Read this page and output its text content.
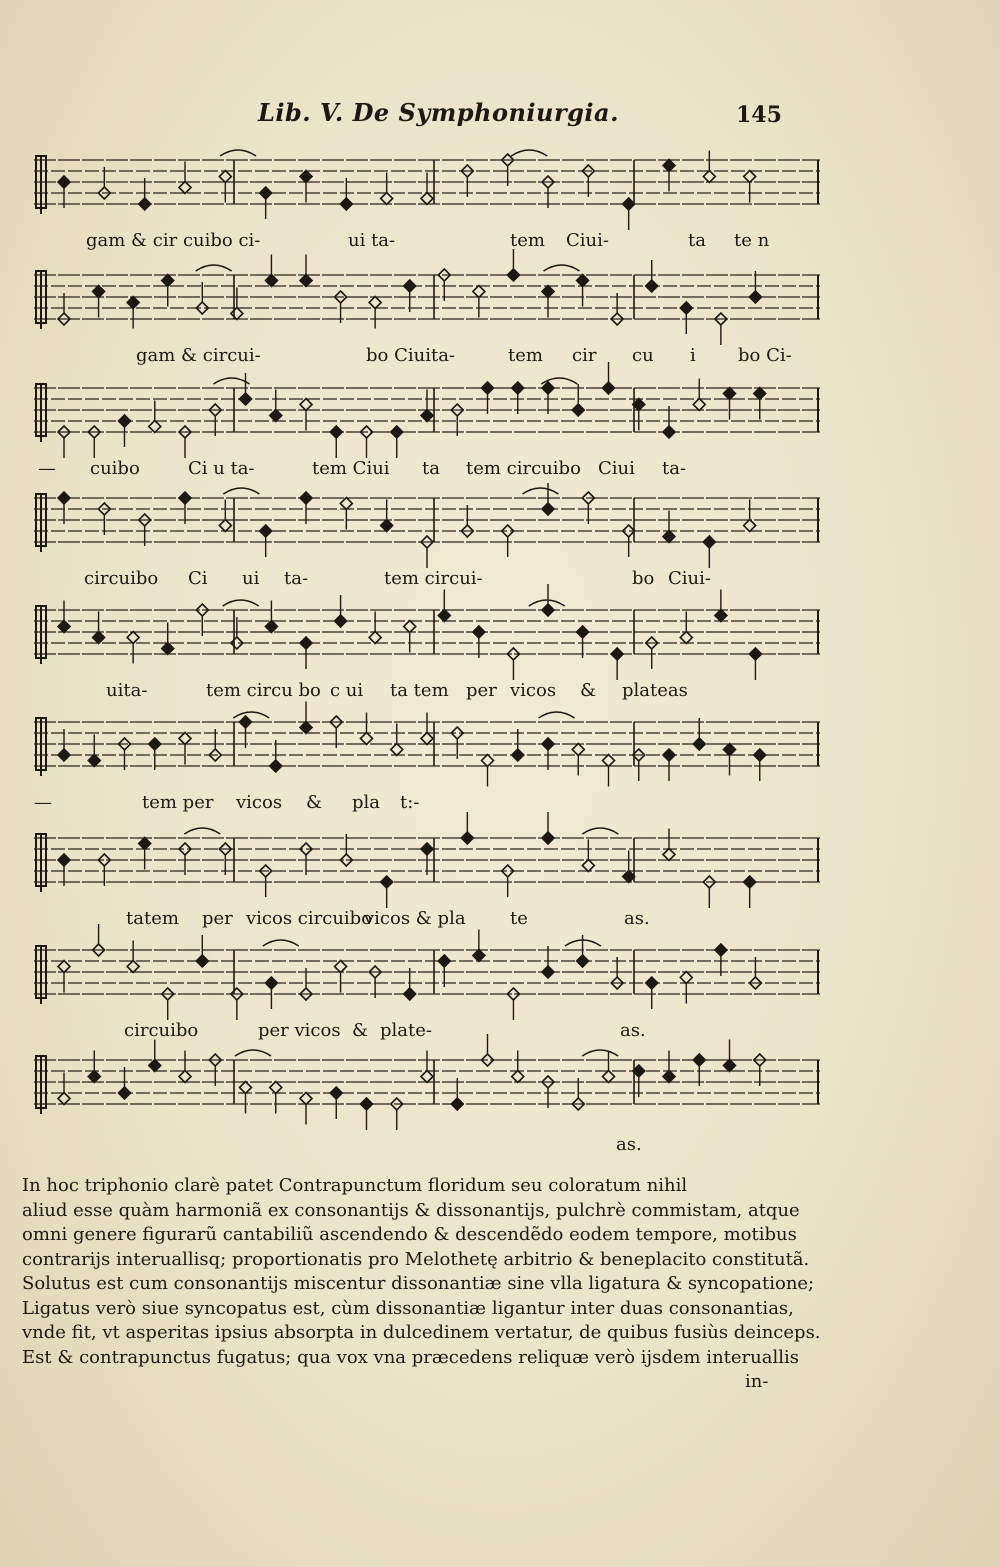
Lib. V. De Symphoniurgia.	145
gam & cir cuibo ci-	ui ta-	tem Ciui-	ta te n
gam & circui-	bo Ciuita-	tem cir cu i bo Ci-
— cuibo	Ci u ta-	tem Ciui ta tem circuibo Ciui ta-
circuibo Ci ui ta-	tem circui-	bo Ciui-
uita-	tem circu bo c ui ta tem per vicos & plateas
—	tem per vicos & pla t:-
tatem per vicos circuibo
vicos & pla te	as.
circuibo	per vicos & plate-	as.
as.

In hoc triphonio clarè patet Contrapunctum floridum seu coloratum nihil

aliud esse quàm harmoniã ex consonantijs & dissonantijs, pulchrè commistam, atque

omni genere figurarũ cantabiliũ ascendendo & descendẽdo eodem tempore, motibus

contrarijs interuallisq; proportionatis pro Melothetę arbitrio & beneplacito constitutã.

Solutus est cum consonantijs miscentur dissonantiæ sine vlla ligatura & syncopatione;

Ligatus verò siue syncopatus est, cùm dissonantiæ ligantur inter duas consonantias,

vnde fit, vt asperitas ipsius absorpta in dulcedinem vertatur, de quibus fusiùs deinceps.

Est & contrapunctus fugatus; qua vox vna præcedens reliquæ verò ijsdem interuallis

in-
